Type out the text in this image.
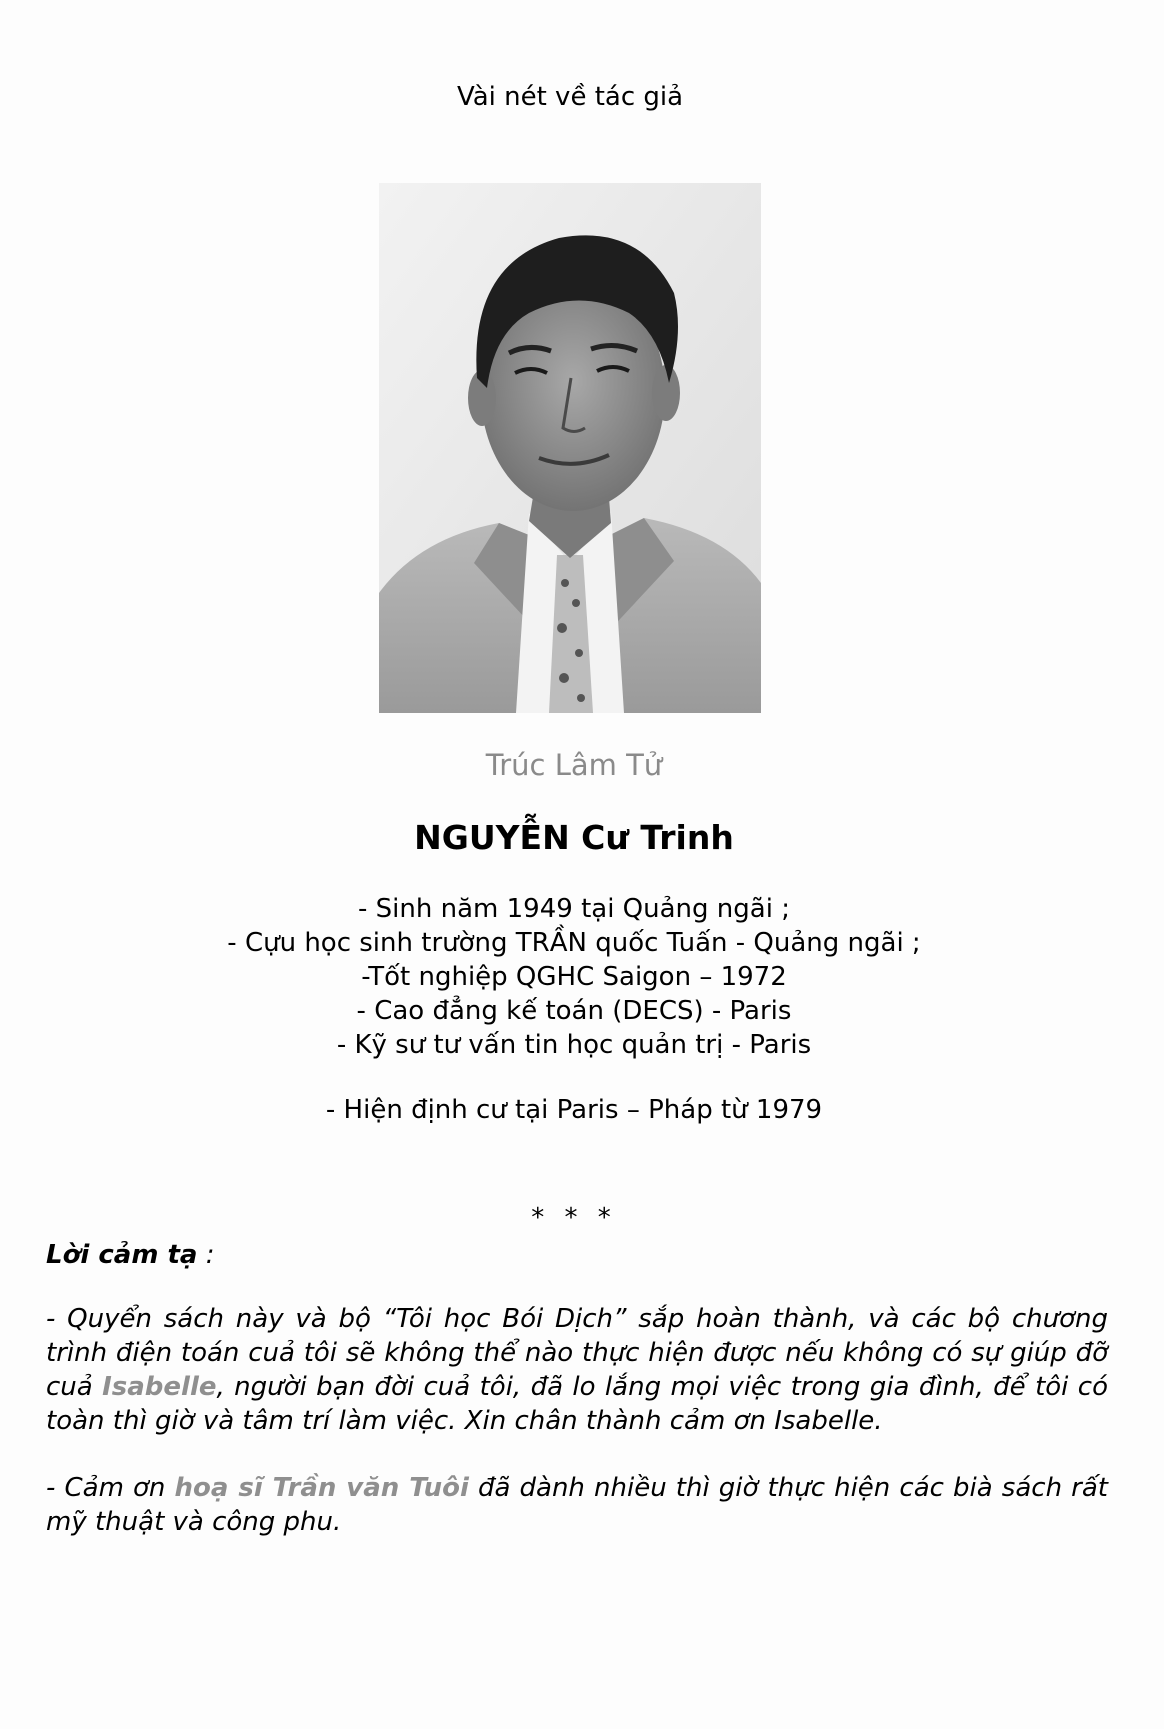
Vài nét về tác giả
Trúc Lâm Tử
NGUYỄN Cư Trinh
- Sinh năm 1949 tại Quảng ngãi ;
- Cựu học sinh trường TRẦN quốc Tuấn - Quảng ngãi ;
-Tốt nghiệp QGHC Saigon – 1972
- Cao đẳng kế toán (DECS) - Paris
- Kỹ sư tư vấn tin học quản trị - Paris
- Hiện định cư tại Paris – Pháp từ 1979
* * *
Lời cảm tạ :
- Quyển sách này và bộ “Tôi học Bói Dịch” sắp hoàn thành, và các bộ chương trình điện toán cuả tôi sẽ không thể nào thực hiện được nếu không có sự giúp đỡ cuả Isabelle, người bạn đời cuả tôi, đã lo lắng mọi việc trong gia đình, để tôi có toàn thì giờ và tâm trí làm việc. Xin chân thành cảm ơn Isabelle.
- Cảm ơn hoạ sĩ Trần văn Tuôi đã dành nhiều thì giờ thực hiện các bià sách rất mỹ thuật và công phu.
